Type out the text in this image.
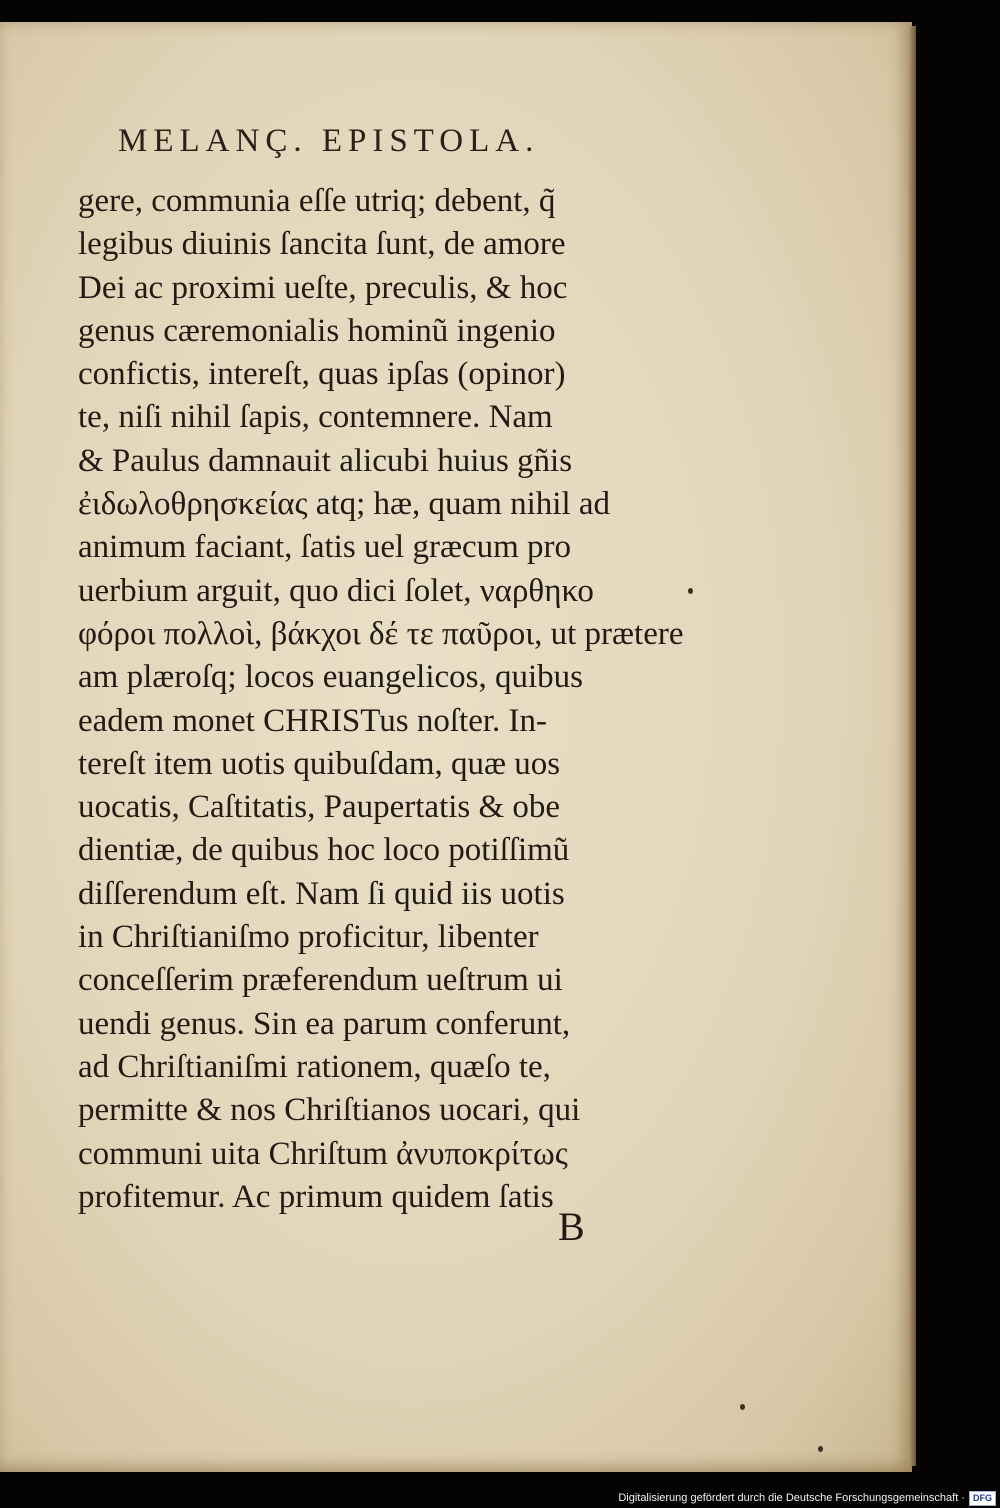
MELANÇ. EPISTOLA.
gere, communia eſſe utriq; debent, q̃
legibus diuinis ſancita ſunt, de amore
Dei ac proximi ueſte, preculis, & hoc
genus cæremonialis hominũ ingenio
confictis, intereſt, quas ipſas (opinor)
te, niſi nihil ſapis, contemnere. Nam
& Paulus damnauit alicubi huius gñis
ἐιδωλοθρησκείας atq; hæ, quam nihil ad
animum faciant, ſatis uel græcum pro
uerbium arguit, quo dici ſolet, ναρθηκο
φόροι πολλοὶ, βάκχοι δέ τε παῦροι, ut prætere
am plæroſq; locos euangelicos, quibus
eadem monet CHRISTus noſter. In-
tereſt item uotis quibuſdam, quæ uos
uocatis, Caſtitatis, Paupertatis & obe
dientiæ, de quibus hoc loco potiſſimũ
diſſerendum eſt. Nam ſi quid iis uotis
in Chriſtianiſmo proficitur, libenter
conceſſerim præferendum ueſtrum ui
uendi genus. Sin ea parum conferunt,
ad Chriſtianiſmi rationem, quæſo te,
permitte & nos Chriſtianos uocari, qui
communi uita Chriſtum ἀνυποκρίτως
profitemur. Ac primum quidem ſatis
B
Digitalisierung gefördert durch die Deutsche Forschungsgemeinschaft · DFG
